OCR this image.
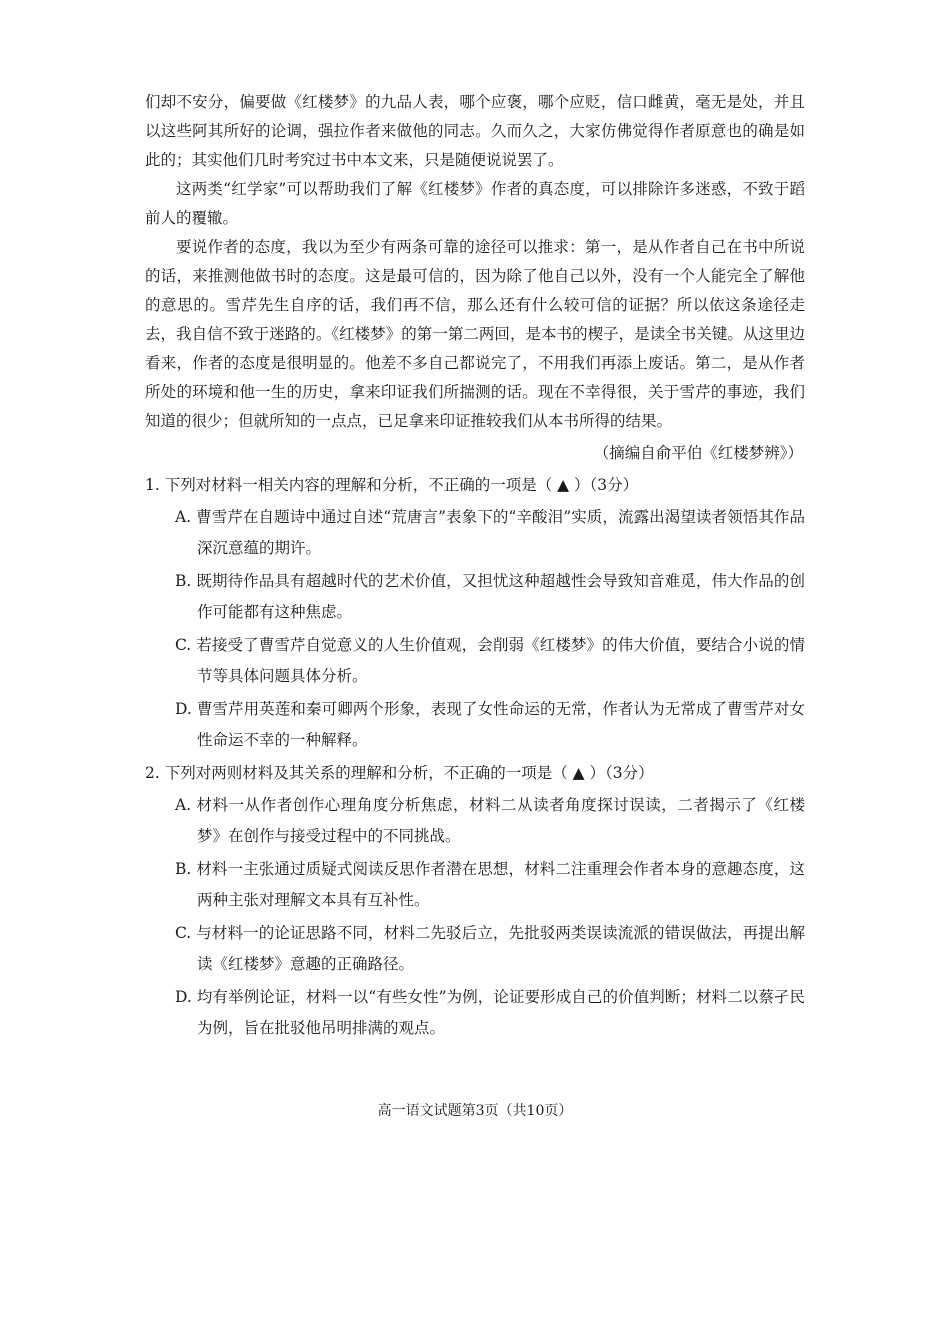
们却不安分，偏要做《红楼梦》的九品人表，哪个应褒，哪个应贬，信口雌黄，毫无是处，并且以这些阿其所好的论调，强拉作者来做他的同志。久而久之，大家仿佛觉得作者原意也的确是如此的；其实他们几时考究过书中本文来，只是随便说说罢了。

这两类“红学家”可以帮助我们了解《红楼梦》作者的真态度，可以排除许多迷惑，不致于蹈前人的覆辙。

要说作者的态度，我以为至少有两条可靠的途径可以推求：第一，是从作者自己在书中所说的话，来推测他做书时的态度。这是最可信的，因为除了他自己以外，没有一个人能完全了解他的意思的。雪芹先生自序的话，我们再不信，那么还有什么较可信的证据？所以依这条途径走去，我自信不致于迷路的。《红楼梦》的第一第二两回，是本书的楔子，是读全书关键。从这里边看来，作者的态度是很明显的。他差不多自己都说完了，不用我们再添上废话。第二，是从作者所处的环境和他一生的历史，拿来印证我们所揣测的话。现在不幸得很，关于雪芹的事迹，我们知道的很少；但就所知的一点点，已足拿来印证推较我们从本书所得的结果。

（摘编自俞平伯《红楼梦辨》）

1. 下列对材料一相关内容的理解和分析，不正确的一项是（ ▲ ）（3分）

A. 曹雪芹在自题诗中通过自述“荒唐言”表象下的“辛酸泪”实质，流露出渴望读者领悟其作品深沉意蕴的期许。

B. 既期待作品具有超越时代的艺术价值，又担忧这种超越性会导致知音难觅，伟大作品的创作可能都有这种焦虑。

C. 若接受了曹雪芹自觉意义的人生价值观，会削弱《红楼梦》的伟大价值，要结合小说的情节等具体问题具体分析。

D. 曹雪芹用英莲和秦可卿两个形象，表现了女性命运的无常，作者认为无常成了曹雪芹对女性命运不幸的一种解释。

2. 下列对两则材料及其关系的理解和分析，不正确的一项是（ ▲ ）（3分）

A. 材料一从作者创作心理角度分析焦虑，材料二从读者角度探讨误读，二者揭示了《红楼梦》在创作与接受过程中的不同挑战。

B. 材料一主张通过质疑式阅读反思作者潜在思想，材料二注重理会作者本身的意趣态度，这两种主张对理解文本具有互补性。

C. 与材料一的论证思路不同，材料二先驳后立，先批驳两类误读流派的错误做法，再提出解读《红楼梦》意趣的正确路径。

D. 均有举例论证，材料一以“有些女性”为例，论证要形成自己的价值判断；材料二以蔡孑民为例，旨在批驳他吊明排满的观点。

高一语文试题第3页（共10页）
